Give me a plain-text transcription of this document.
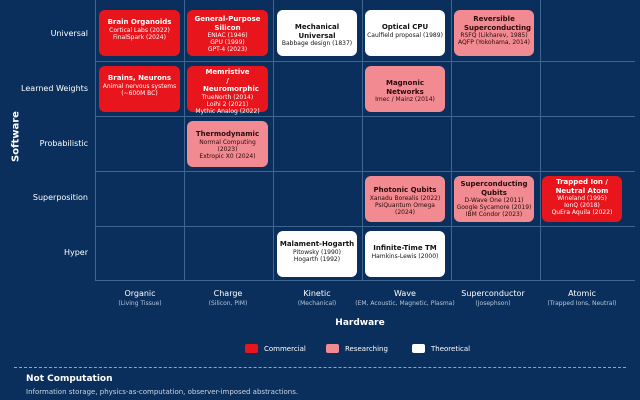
Software
Universal
Learned Weights
Probabilistic
Superposition
Hyper
Brain Organoids
Cortical Labs (2022)
FinalSpark (2024)
General-Purpose Silicon
ENIAC (1946)
GPU (1999)
GPT-4 (2023)
Mechanical Universal
Babbage design (1837)
Optical CPU
Caulfield proposal (1989)
Reversible Superconducting
RSFQ (Likharev, 1985)
AQFP (Yokohama, 2014)
Brains, Neurons
Animal nervous systems
(~600M BC)
Memristive / Neuromorphic
TrueNorth (2014)
Loihi 2 (2021)
Mythic Analog (2022)
Magnonic Networks
Imec / Mainz (2014)
Thermodynamic
Normal Computing (2023)
Extropic X0 (2024)
Photonic Qubits
Xanadu Borealis (2022)
PsiQuantum Omega (2024)
Superconducting Qubits
D-Wave One (2011)
Google Sycamore (2019)
IBM Condor (2023)
Trapped Ion / Neutral Atom
Wineland (1995)
IonQ (2018)
QuEra Aquila (2022)
Malament-Hogarth
Pitowsky (1990)
Hogarth (1992)
Infinite-Time TM
Hamkins-Lewis (2000)
Organic
(Living Tissue)
Charge
(Silicon, PIM)
Kinetic
(Mechanical)
Wave
(EM, Acoustic, Magnetic, Plasma)
Superconductor
(Josephson)
Atomic
(Trapped Ions, Neutral)
Hardware
Commercial	Researching	Theoretical
Not Computation
Information storage, physics-as-computation, observer-imposed abstractions.
